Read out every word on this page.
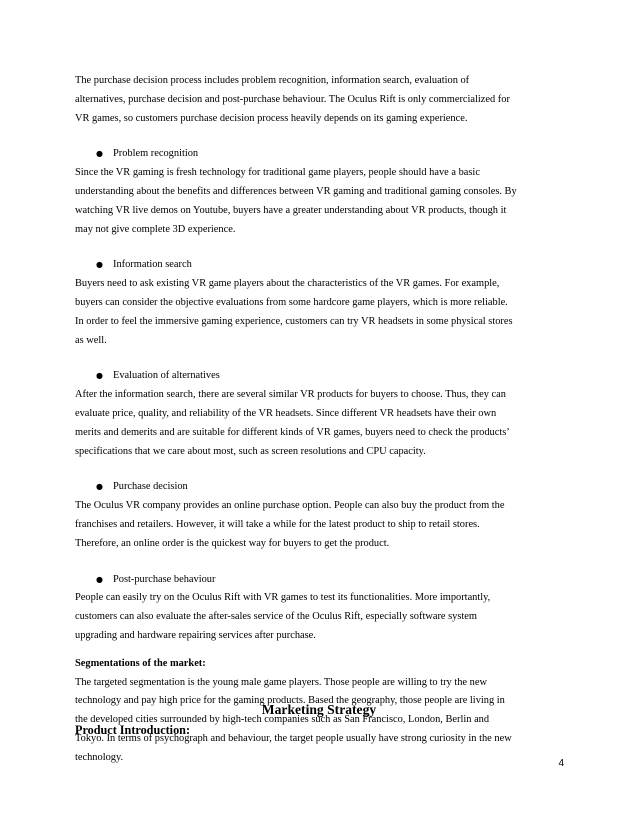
The purchase decision process includes problem recognition, information search, evaluation of

alternatives, purchase decision and post-purchase behaviour. The Oculus Rift is only commercialized for

VR games, so customers purchase decision process heavily depends on its gaming experience.

● Problem recognition

Since the VR gaming is fresh technology for traditional game players, people should have a basic

understanding about the benefits and differences between VR gaming and traditional gaming consoles. By

watching VR live demos on Youtube, buyers have a greater understanding about VR products, though it

may not give complete 3D experience.

● Information search

Buyers need to ask existing VR game players about the characteristics of the VR games. For example,

buyers can consider the objective evaluations from some hardcore game players, which is more reliable.

In order to feel the immersive gaming experience, customers can try VR headsets in some physical stores

as well.

● Evaluation of alternatives

After the information search, there are several similar VR products for buyers to choose. Thus, they can

evaluate price, quality, and reliability of the VR headsets. Since different VR headsets have their own

merits and demerits and are suitable for different kinds of VR games, buyers need to check the products’

specifications that we care about most, such as screen resolutions and CPU capacity.

● Purchase decision

The Oculus VR company provides an online purchase option. People can also buy the product from the

franchises and retailers. However, it will take a while for the latest product to ship to retail stores.

Therefore, an online order is the quickest way for buyers to get the product.

● Post-purchase behaviour

People can easily try on the Oculus Rift with VR games to test its functionalities. More importantly,

customers can also evaluate the after-sales service of the Oculus Rift, especially software system

upgrading and hardware repairing services after purchase.

Segmentations of the market:

The targeted segmentation is the young male game players. Those people are willing to try the new

technology and pay high price for the gaming products. Based the geography, those people are living in

the developed cities surrounded by high-tech companies such as San Francisco, London, Berlin and

Tokyo. In terms of psychograph and behaviour, the target people usually have strong curiosity in the new

technology.

Marketing Strategy
Product Introduction:
4
